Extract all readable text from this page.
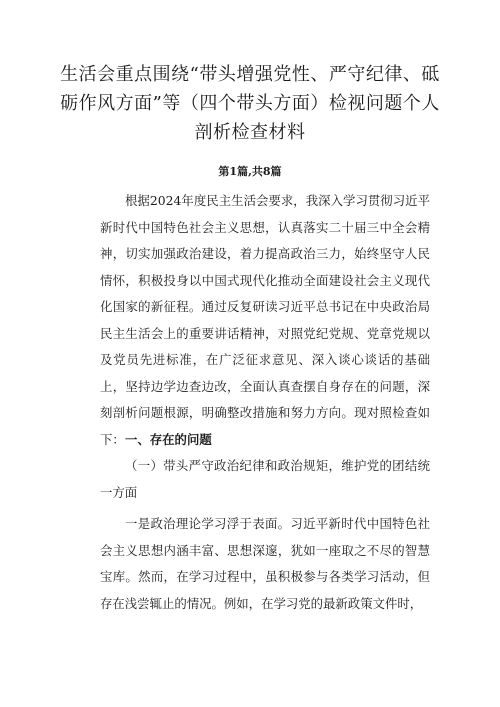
生活会重点围绕“带头增强党性、严守纪律、砥砺作风方面”等（四个带头方面）检视问题个人剖析检查材料
第1篇,共8篇
根据2024年度民主生活会要求，我深入学习贯彻习近平新时代中国特色社会主义思想，认真落实二十届三中全会精神，切实加强政治建设，着力提高政治三力，始终坚守人民情怀，积极投身以中国式现代化推动全面建设社会主义现代化国家的新征程。通过反复研读习近平总书记在中央政治局民主生活会上的重要讲话精神，对照党纪党规、党章党规以及党员先进标准，在广泛征求意见、深入谈心谈话的基础上，坚持边学边查边改，全面认真查摆自身存在的问题，深刻剖析问题根源，明确整改措施和努力方向。现对照检查如下： 一、存在的问题
（一）带头严守政治纪律和政治规矩，维护党的团结统一方面
一是政治理论学习浮于表面。习近平新时代中国特色社会主义思想内涵丰富、思想深邃，犹如一座取之不尽的智慧宝库。然而，在学习过程中，虽积极参与各类学习活动，但存在浅尝辄止的情况。例如，在学习党的最新政策文件时，
